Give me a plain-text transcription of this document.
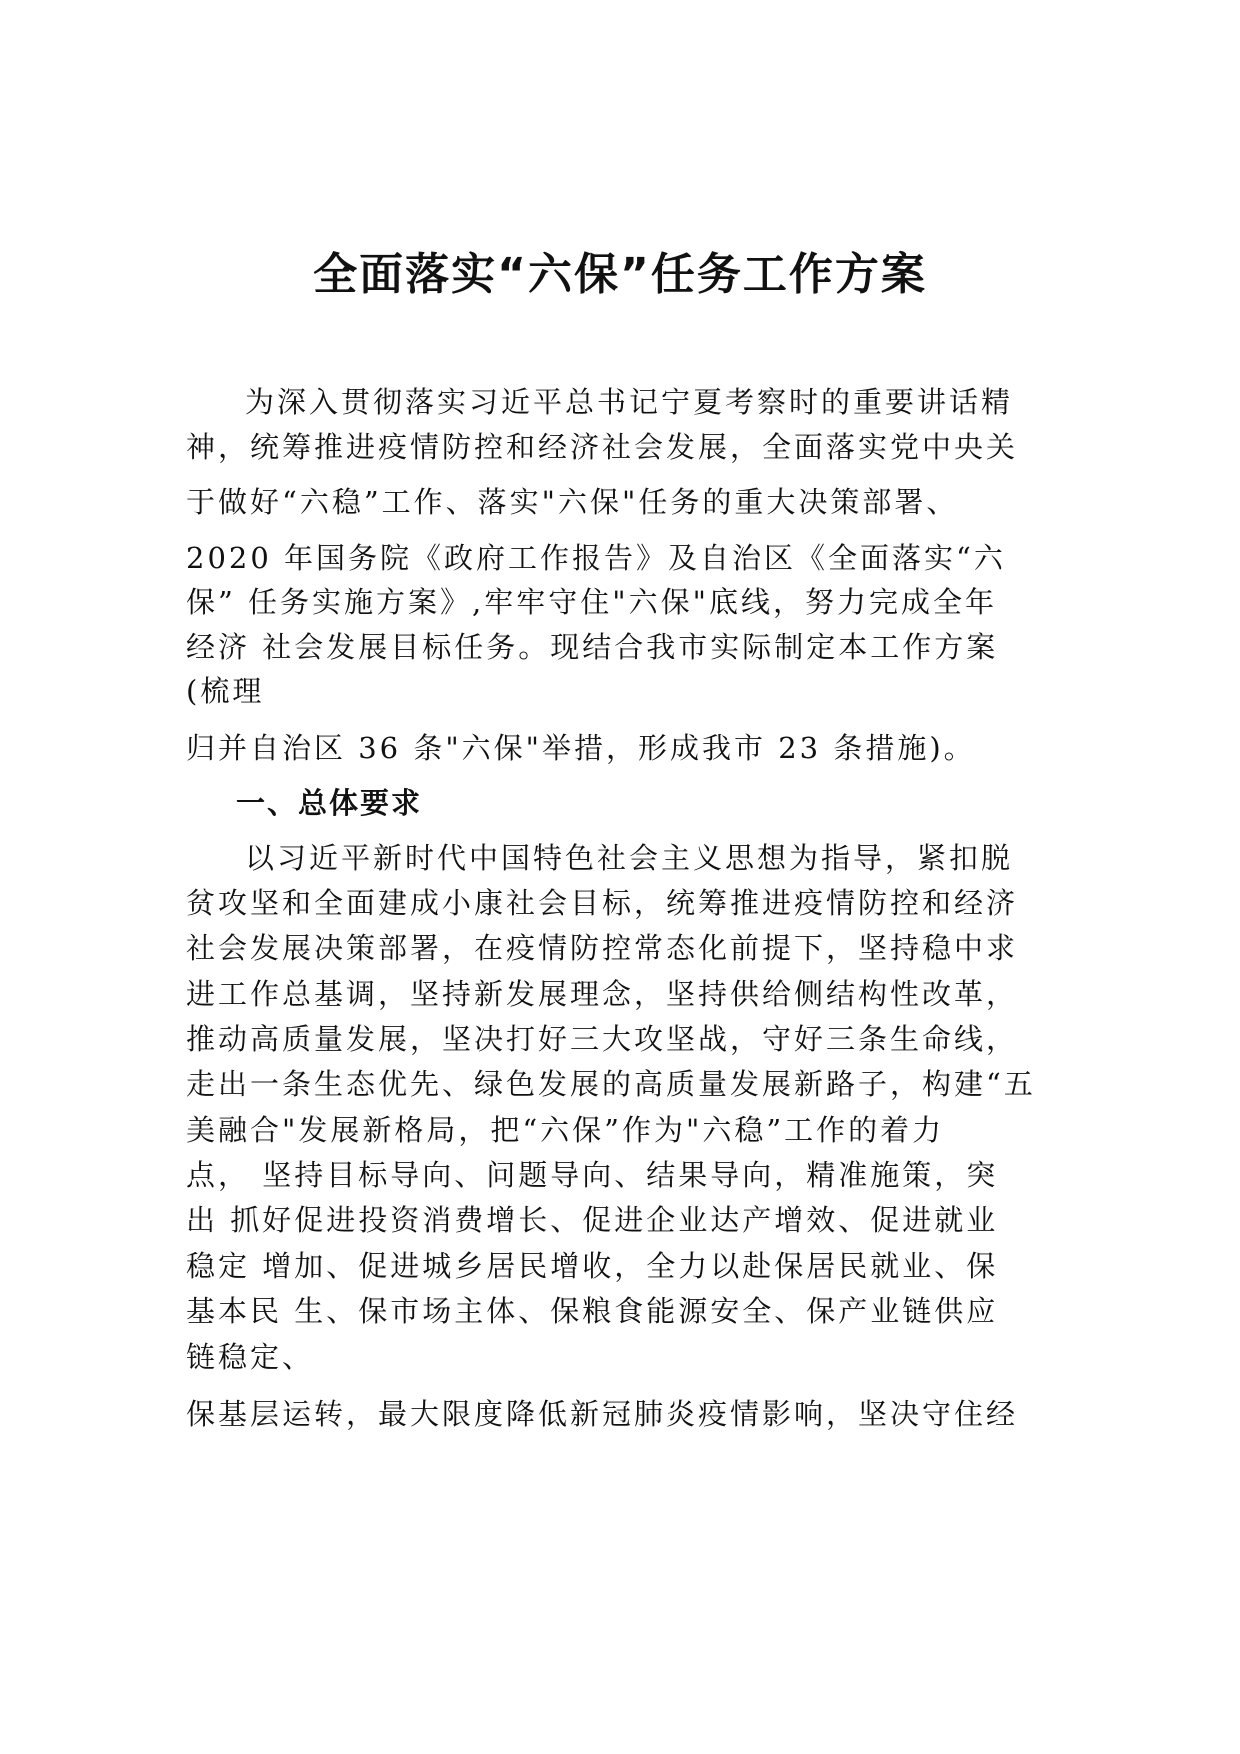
全面落实“六保”任务工作方案
为深入贯彻落实习近平总书记宁夏考察时的重要讲话精
神，统筹推进疫情防控和经济社会发展，全面落实党中央关
于做好“六稳”工作、落实"六保"任务的重大决策部署、
2020 年国务院《政府工作报告》及自治区《全面落实“六
保” 任务实施方案》,牢牢守住"六保"底线，努力完成全年
经济 社会发展目标任务。现结合我市实际制定本工作方案
(梳理
归并自治区 36 条"六保"举措，形成我市 23 条措施)。
一、总体要求
以习近平新时代中国特色社会主义思想为指导，紧扣脱
贫攻坚和全面建成小康社会目标，统筹推进疫情防控和经济
社会发展决策部署，在疫情防控常态化前提下，坚持稳中求
进工作总基调，坚持新发展理念，坚持供给侧结构性改革，
推动高质量发展，坚决打好三大攻坚战，守好三条生命线，
走出一条生态优先、绿色发展的高质量发展新路子，构建“五
美融合"发展新格局，把“六保”作为"六稳”工作的着力
点， 坚持目标导向、问题导向、结果导向，精准施策，突
出 抓好促进投资消费增长、促进企业达产增效、促进就业
稳定 增加、促进城乡居民增收，全力以赴保居民就业、保
基本民 生、保市场主体、保粮食能源安全、保产业链供应
链稳定、
保基层运转，最大限度降低新冠肺炎疫情影响，坚决守住经
